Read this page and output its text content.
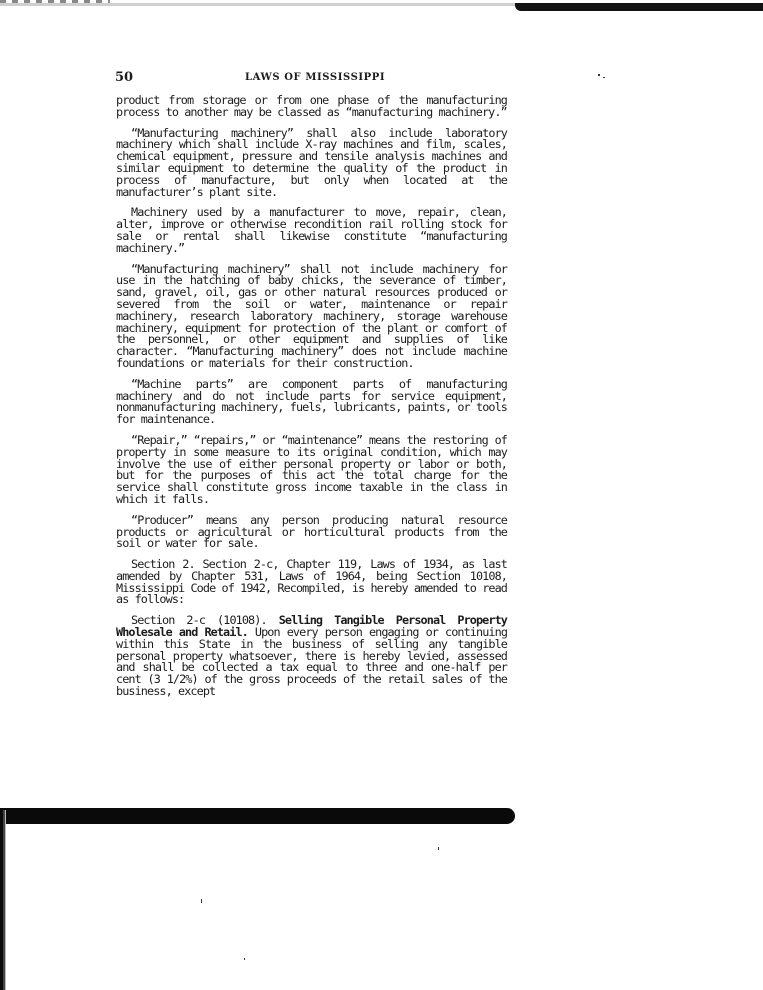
50	LAWS OF MISSISSIPPI

product from storage or from one phase of the manufacturing process to another may be classed as “manufacturing machinery.”

“Manufacturing machinery” shall also include laboratory machinery which shall include X-ray machines and film, scales, chemical equipment, pressure and tensile analysis machines and similar equipment to determine the quality of the product in process of manufacture, but only when located at the manufacturer’s plant site.

Machinery used by a manufacturer to move, repair, clean, alter, improve or otherwise recondition rail rolling stock for sale or rental shall likewise constitute “manufacturing machinery.”

“Manufacturing machinery” shall not include machinery for use in the hatching of baby chicks, the severance of timber, sand, gravel, oil, gas or other natural resources produced or severed from the soil or water, maintenance or repair machinery, research laboratory machinery, storage warehouse machinery, equipment for protection of the plant or comfort of the personnel, or other equipment and supplies of like character. “Manufacturing machinery” does not include machine foundations or materials for their construction.

“Machine parts” are component parts of manufacturing machinery and do not include parts for service equipment, nonmanufacturing machinery, fuels, lubricants, paints, or tools for maintenance.

“Repair,” “repairs,” or “maintenance” means the restoring of property in some measure to its original condition, which may involve the use of either personal property or labor or both, but for the purposes of this act the total charge for the service shall constitute gross income taxable in the class in which it falls.

“Producer” means any person producing natural resource products or agricultural or horticultural products from the soil or water for sale.

Section 2. Section 2-c, Chapter 119, Laws of 1934, as last amended by Chapter 531, Laws of 1964, being Section 10108, Mississippi Code of 1942, Recompiled, is hereby amended to read as follows:

Section 2-c (10108). Selling Tangible Personal Property Wholesale and Retail. Upon every person engaging or continuing within this State in the business of selling any tangible personal property whatsoever, there is hereby levied, assessed and shall be collected a tax equal to three and one-half per cent (3 1/2%) of the gross proceeds of the retail sales of the business, except
